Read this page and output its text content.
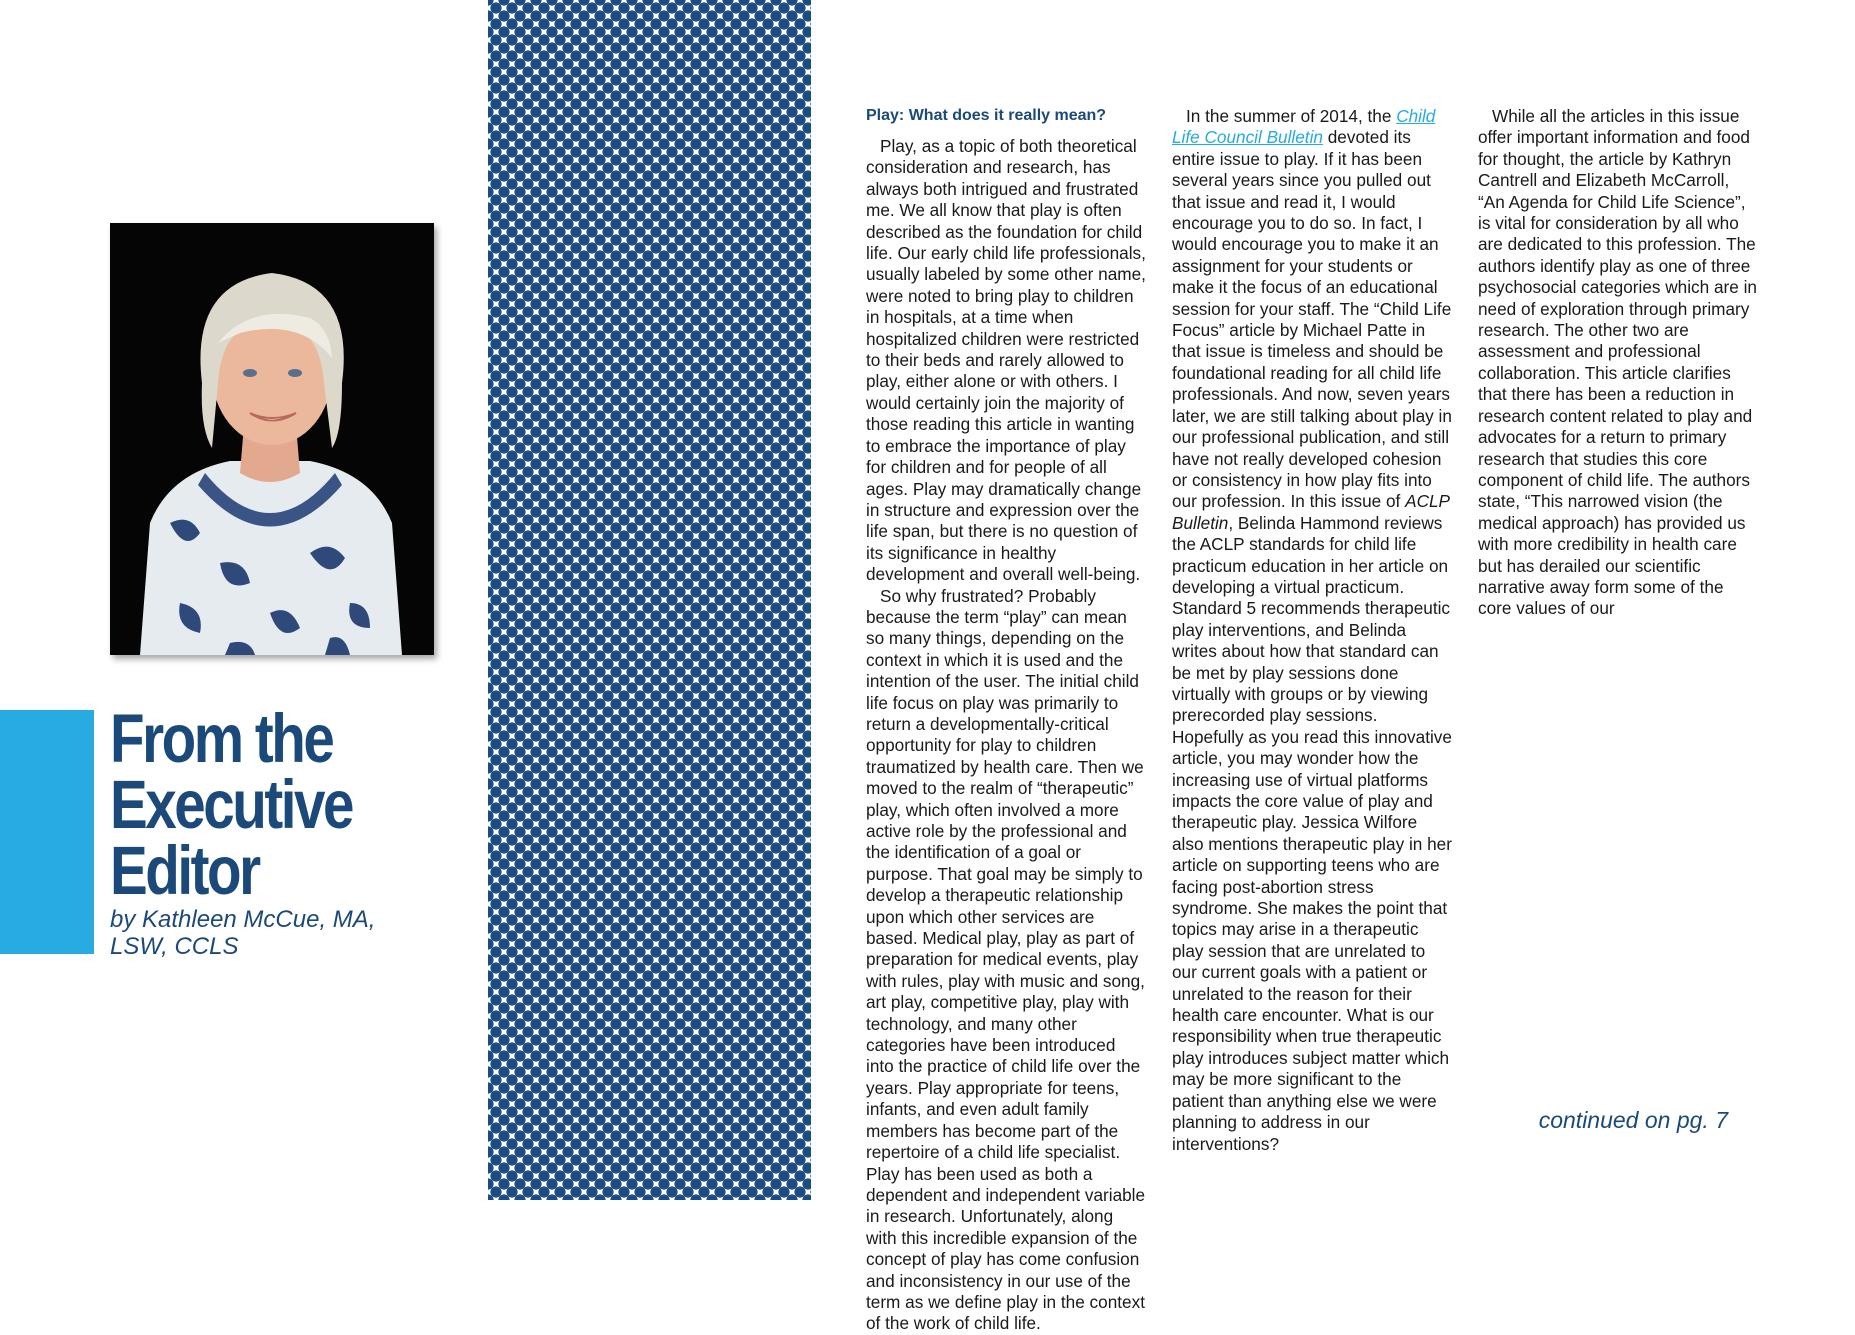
From the
Executive
Editor

by Kathleen McCue, MA,
LSW, CCLS

Play: What does it really mean?

Play, as a topic of both theoretical consideration and research, has always both intrigued and frustrated me. We all know that play is often described as the foundation for child life. Our early child life professionals, usually labeled by some other name, were noted to bring play to children in hospitals, at a time when hospitalized children were restricted to their beds and rarely allowed to play, either alone or with others. I would certainly join the majority of those reading this article in wanting to embrace the importance of play for children and for people of all ages. Play may dramatically change in structure and expression over the life span, but there is no question of its significance in healthy development and overall well-being.

So why frustrated? Probably because the term “play” can mean so many things, depending on the context in which it is used and the intention of the user. The initial child life focus on play was primarily to return a developmentally-critical opportunity for play to children traumatized by health care. Then we moved to the realm of “therapeutic” play, which often involved a more active role by the professional and the identification of a goal or purpose. That goal may be simply to develop a therapeutic relationship upon which other services are based. Medical play, play as part of preparation for medical events, play with rules, play with music and song, art play, competitive play, play with technology, and many other categories have been introduced into the practice of child life over the years. Play appropriate for teens, infants, and even adult family members has become part of the repertoire of a child life specialist. Play has been used as both a dependent and independent variable in research. Unfortunately, along with this incredible expansion of the concept of play has come confusion and inconsistency in our use of the term as we define play in the context of the work of child life.

In the summer of 2014, the Child Life Council Bulletin devoted its entire issue to play. If it has been several years since you pulled out that issue and read it, I would encourage you to do so. In fact, I would encourage you to make it an assignment for your students or make it the focus of an educational session for your staff. The “Child Life Focus” article by Michael Patte in that issue is timeless and should be foundational reading for all child life professionals. And now, seven years later, we are still talking about play in our professional publication, and still have not really developed cohesion or consistency in how play fits into our profession. In this issue of ACLP Bulletin, Belinda Hammond reviews the ACLP standards for child life practicum education in her article on developing a virtual practicum. Standard 5 recommends therapeutic play interventions, and Belinda writes about how that standard can be met by play sessions done virtually with groups or by viewing prerecorded play sessions. Hopefully as you read this innovative article, you may wonder how the increasing use of virtual platforms impacts the core value of play and therapeutic play. Jessica Wilfore also mentions therapeutic play in her article on supporting teens who are facing post-abortion stress syndrome. She makes the point that topics may arise in a therapeutic play session that are unrelated to our current goals with a patient or unrelated to the reason for their health care encounter. What is our responsibility when true therapeutic play introduces subject matter which may be more significant to the patient than anything else we were planning to address in our interventions?

While all the articles in this issue offer important information and food for thought, the article by Kathryn Cantrell and Elizabeth McCarroll, “An Agenda for Child Life Science”, is vital for consideration by all who are dedicated to this profession. The authors identify play as one of three psychosocial categories which are in need of exploration through primary research. The other two are assessment and professional collaboration. This article clarifies that there has been a reduction in research content related to play and advocates for a return to primary research that studies this core component of child life. The authors state, “This narrowed vision (the medical approach) has provided us with more credibility in health care but has derailed our scientific narrative away form some of the core values of our

continued on pg. 7
